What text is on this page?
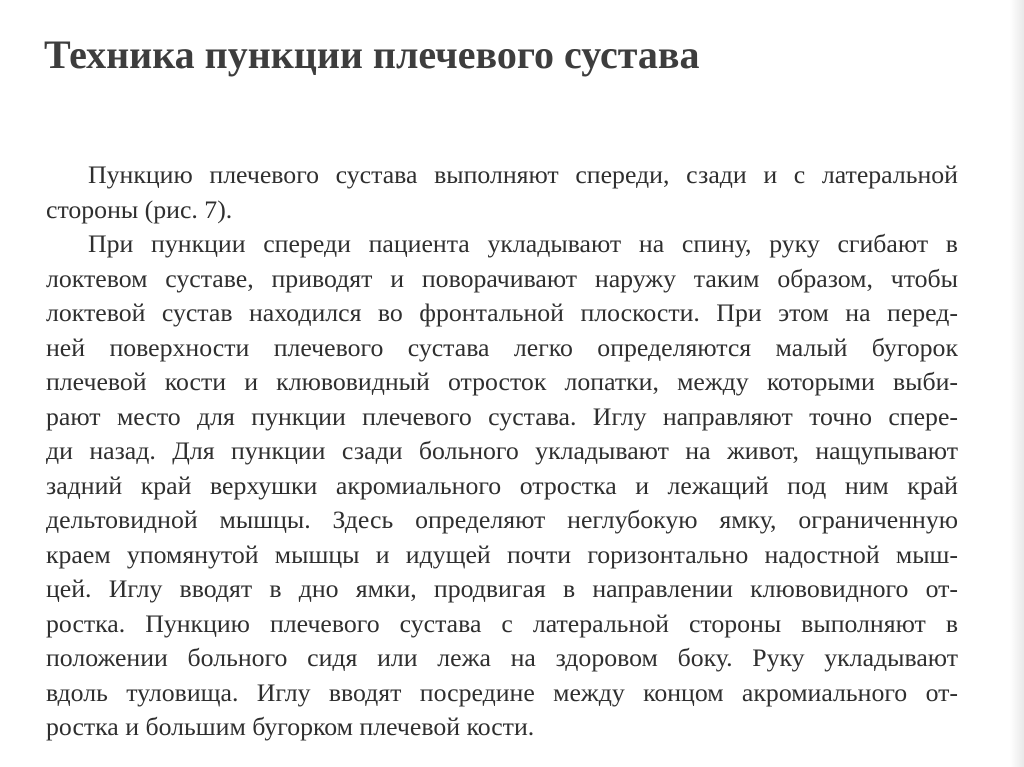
Техника пункции плечевого сустава
Пункцию плечевого сустава выполняют спереди, сзади и с латеральной
стороны (рис. 7).
При пункции спереди пациента укладывают на спину, руку сгибают в
локтевом суставе, приводят и поворачивают наружу таким образом, чтобы
локтевой сустав находился во фронтальной плоскости. При этом на перед-
ней поверхности плечевого сустава легко определяются малый бугорок
плечевой кости и клювовидный отросток лопатки, между которыми выби-
рают место для пункции плечевого сустава. Иглу направляют точно спере-
ди назад. Для пункции сзади больного укладывают на живот, нащупывают
задний край верхушки акромиального отростка и лежащий под ним край
дельтовидной мышцы. Здесь определяют неглубокую ямку, ограниченную
краем упомянутой мышцы и идущей почти горизонтально надостной мыш-
цей. Иглу вводят в дно ямки, продвигая в направлении клювовидного от-
ростка. Пункцию плечевого сустава с латеральной стороны выполняют в
положении больного сидя или лежа на здоровом боку. Руку укладывают
вдоль туловища. Иглу вводят посредине между концом акромиального от-
ростка и большим бугорком плечевой кости.
